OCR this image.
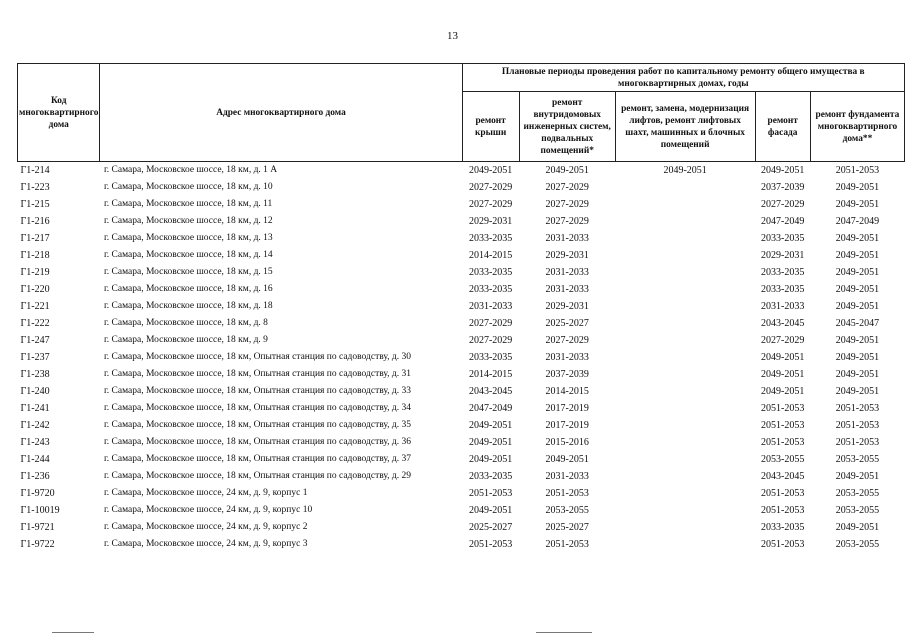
13
Код многоквартирного дома	Адрес многоквартирного дома	Плановые периоды проведения работ по капитальному ремонту общего имущества в многоквартирных домах, годы				
		ремонт крыши	ремонт внутридомовых инженерных систем, подвальных помещений*	ремонт, замена, модернизация лифтов, ремонт лифтовых шахт, машинных и блочных помещений	ремонт фасада	ремонт фундамента многоквартирного дома**
Г1-214	г. Самара, Московское шоссе, 18 км, д. 1 А	2049-2051	2049-2051	2049-2051	2049-2051	2051-2053
Г1-223	г. Самара, Московское шоссе, 18 км, д. 10	2027-2029	2027-2029		2037-2039	2049-2051
Г1-215	г. Самара, Московское шоссе, 18 км, д. 11	2027-2029	2027-2029		2027-2029	2049-2051
Г1-216	г. Самара, Московское шоссе, 18 км, д. 12	2029-2031	2027-2029		2047-2049	2047-2049
Г1-217	г. Самара, Московское шоссе, 18 км, д. 13	2033-2035	2031-2033		2033-2035	2049-2051
Г1-218	г. Самара, Московское шоссе, 18 км, д. 14	2014-2015	2029-2031		2029-2031	2049-2051
Г1-219	г. Самара, Московское шоссе, 18 км, д. 15	2033-2035	2031-2033		2033-2035	2049-2051
Г1-220	г. Самара, Московское шоссе, 18 км, д. 16	2033-2035	2031-2033		2033-2035	2049-2051
Г1-221	г. Самара, Московское шоссе, 18 км, д. 18	2031-2033	2029-2031		2031-2033	2049-2051
Г1-222	г. Самара, Московское шоссе, 18 км, д. 8	2027-2029	2025-2027		2043-2045	2045-2047
Г1-247	г. Самара, Московское шоссе, 18 км, д. 9	2027-2029	2027-2029		2027-2029	2049-2051
Г1-237	г. Самара, Московское шоссе, 18 км, Опытная станция по садоводству, д. 30	2033-2035	2031-2033		2049-2051	2049-2051
Г1-238	г. Самара, Московское шоссе, 18 км, Опытная станция по садоводству, д. 31	2014-2015	2037-2039		2049-2051	2049-2051
Г1-240	г. Самара, Московское шоссе, 18 км, Опытная станция по садоводству, д. 33	2043-2045	2014-2015		2049-2051	2049-2051
Г1-241	г. Самара, Московское шоссе, 18 км, Опытная станция по садоводству, д. 34	2047-2049	2017-2019		2051-2053	2051-2053
Г1-242	г. Самара, Московское шоссе, 18 км, Опытная станция по садоводству, д. 35	2049-2051	2017-2019		2051-2053	2051-2053
Г1-243	г. Самара, Московское шоссе, 18 км, Опытная станция по садоводству, д. 36	2049-2051	2015-2016		2051-2053	2051-2053
Г1-244	г. Самара, Московское шоссе, 18 км, Опытная станция по садоводству, д. 37	2049-2051	2049-2051		2053-2055	2053-2055
Г1-236	г. Самара, Московское шоссе, 18 км, Опытная станция по садоводству, д. 29	2033-2035	2031-2033		2043-2045	2049-2051
Г1-9720	г. Самара, Московское шоссе, 24 км, д. 9, корпус 1	2051-2053	2051-2053		2051-2053	2053-2055
Г1-10019	г. Самара, Московское шоссе, 24 км, д. 9, корпус 10	2049-2051	2053-2055		2051-2053	2053-2055
Г1-9721	г. Самара, Московское шоссе, 24 км, д. 9, корпус 2	2025-2027	2025-2027		2033-2035	2049-2051
Г1-9722	г. Самара, Московское шоссе, 24 км, д. 9, корпус 3	2051-2053	2051-2053		2051-2053	2053-2055
